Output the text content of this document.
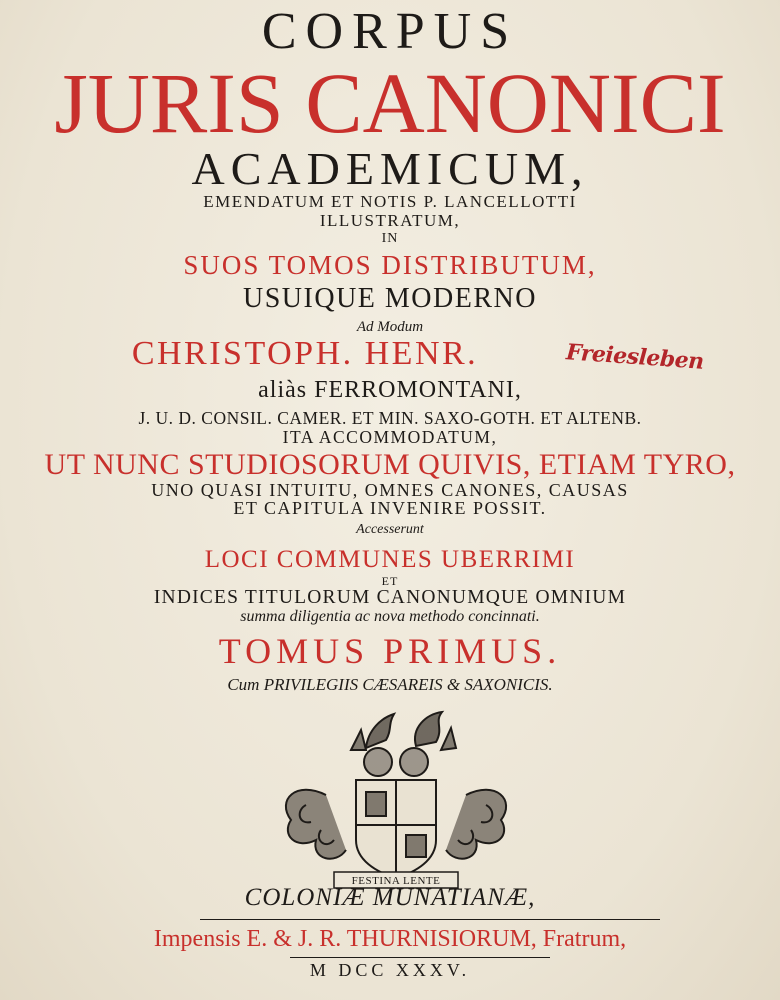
CORPUS
JURIS CANONICI
ACADEMICUM,
EMENDATUM ET NOTIS P. LANCELLOTTI
ILLUSTRATUM,
IN
SUOS TOMOS DISTRIBUTUM,
USUIQUE MODERNO
Ad Modum
CHRISTOPH. HENR.	Freiesleben
aliàs FERROMONTANI,
J. U. D. CONSIL. CAMER. ET MIN. SAXO-GOTH. ET ALTENB.
ITA ACCOMMODATUM,
UT NUNC STUDIOSORUM QUIVIS, ETIAM TYRO,
UNO QUASI INTUITU, OMNES CANONES, CAUSAS
ET CAPITULA INVENIRE POSSIT.
Accesserunt
LOCI COMMUNES UBERRIMI
ET
INDICES TITULORUM CANONUMQUE OMNIUM
summa diligentia ac nova methodo concinnati.
TOMUS PRIMUS.
Cum PRIVILEGIIS CÆSAREIS & SAXONICIS.
FESTINA LENTE
COLONIÆ MUNATIANÆ,
Impensis E. & J. R. THURNISIORUM, Fratrum,
M DCC XXXV.
